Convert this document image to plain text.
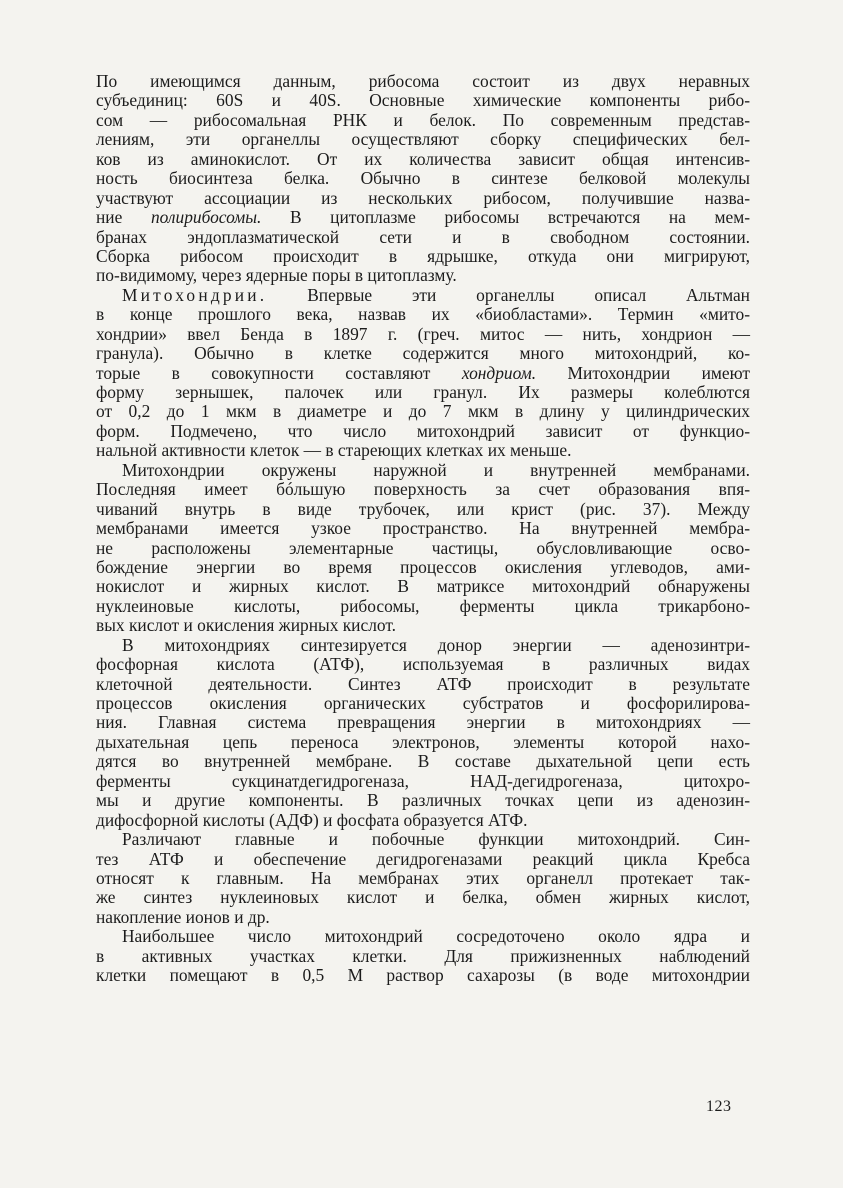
По имеющимся данным, рибосома состоит из двух неравных
субъединиц: 60S и 40S. Основные химические компоненты рибо-
сом — рибосомальная РНК и белок. По современным представ-
лениям, эти органеллы осуществляют сборку специфических бел-
ков из аминокислот. От их количества зависит общая интенсив-
ность биосинтеза белка. Обычно в синтезе белковой молекулы
участвуют ассоциации из нескольких рибосом, получившие назва-
ние полирибосомы. В цитоплазме рибосомы встречаются на мем-
бранах эндоплазматической сети и в свободном состоянии.
Сборка рибосом происходит в ядрышке, откуда они мигрируют,
по-видимому, через ядерные поры в цитоплазму.
Митохондрии. Впервые эти органеллы описал Альтман
в конце прошлого века, назвав их «биобластами». Термин «мито-
хондрии» ввел Бенда в 1897 г. (греч. митос — нить, хондрион —
гранула). Обычно в клетке содержится много митохондрий, ко-
торые в совокупности составляют хондриом. Митохондрии имеют
форму зернышек, палочек или гранул. Их размеры колеблются
от 0,2 до 1 мкм в диаметре и до 7 мкм в длину у цилиндрических
форм. Подмечено, что число митохондрий зависит от функцио-
нальной активности клеток — в стареющих клетках их меньше.
Митохондрии окружены наружной и внутренней мембранами.
Последняя имеет бóльшую поверхность за счет образования впя-
чиваний внутрь в виде трубочек, или крист (рис. 37). Между
мембранами имеется узкое пространство. На внутренней мембра-
не расположены элементарные частицы, обусловливающие осво-
бождение энергии во время процессов окисления углеводов, ами-
нокислот и жирных кислот. В матриксе митохондрий обнаружены
нуклеиновые кислоты, рибосомы, ферменты цикла трикарбоно-
вых кислот и окисления жирных кислот.
В митохондриях синтезируется донор энергии — аденозинтри-
фосфорная кислота (АТФ), используемая в различных видах
клеточной деятельности. Синтез АТФ происходит в результате
процессов окисления органических субстратов и фосфорилирова-
ния. Главная система превращения энергии в митохондриях —
дыхательная цепь переноса электронов, элементы которой нахо-
дятся во внутренней мембране. В составе дыхательной цепи есть
ферменты сукцинатдегидрогеназа, НАД-дегидрогеназа, цитохро-
мы и другие компоненты. В различных точках цепи из аденозин-
дифосфорной кислоты (АДФ) и фосфата образуется АТФ.
Различают главные и побочные функции митохондрий. Син-
тез АТФ и обеспечение дегидрогеназами реакций цикла Кребса
относят к главным. На мембранах этих органелл протекает так-
же синтез нуклеиновых кислот и белка, обмен жирных кислот,
накопление ионов и др.
Наибольшее число митохондрий сосредоточено около ядра и
в активных участках клетки. Для прижизненных наблюдений
клетки помещают в 0,5 М раствор сахарозы (в воде митохондрии
123
